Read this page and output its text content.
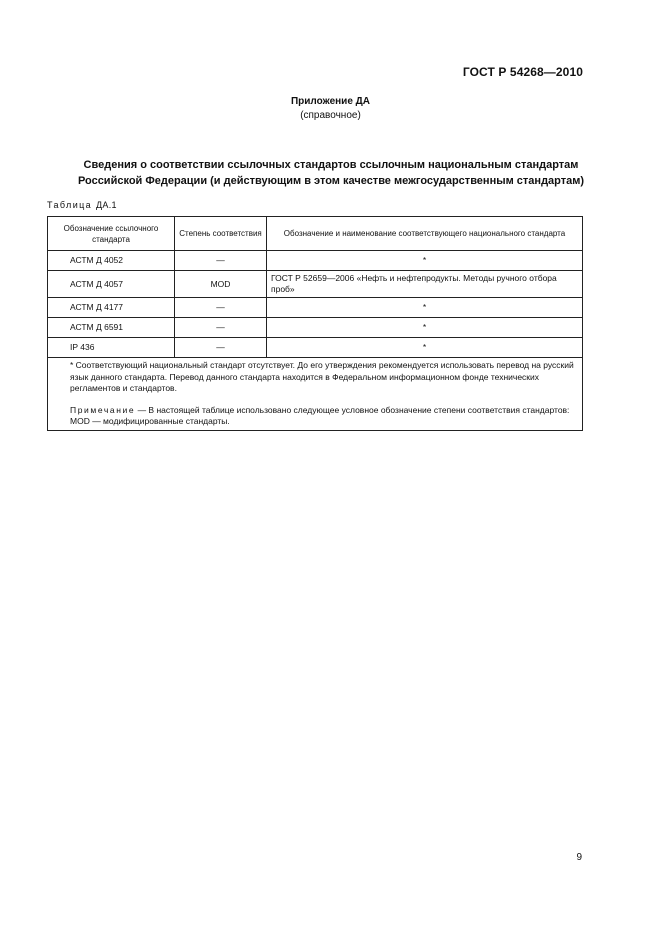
ГОСТ Р 54268—2010
Приложение ДА
(справочное)
Сведения о соответствии ссылочных стандартов ссылочным национальным стандартам
Российской Федерации (и действующим в этом качестве межгосударственным стандартам)
Таблица ДА.1
Обозначение ссылочного стандарта	Степень соответствия	Обозначение и наименование соответствующего национального стандарта
АСТМ Д 4052	—	*
АСТМ Д 4057	MOD	ГОСТ Р 52659—2006 «Нефть и нефтепродукты. Методы ручного отбора проб»
АСТМ Д 4177	—	*
АСТМ Д 6591	—	*
IP 436	—	*

* Соответствующий национальный стандарт отсутствует. До его утверждения рекомендуется использовать перевод на русский язык данного стандарта. Перевод данного стандарта находится в Федеральном информационном фонде технических регламентов и стандартов.

Примечание — В настоящей таблице использовано следующее условное обозначение степени соответствия стандартов:

MOD — модифицированные стандарты.		

9
